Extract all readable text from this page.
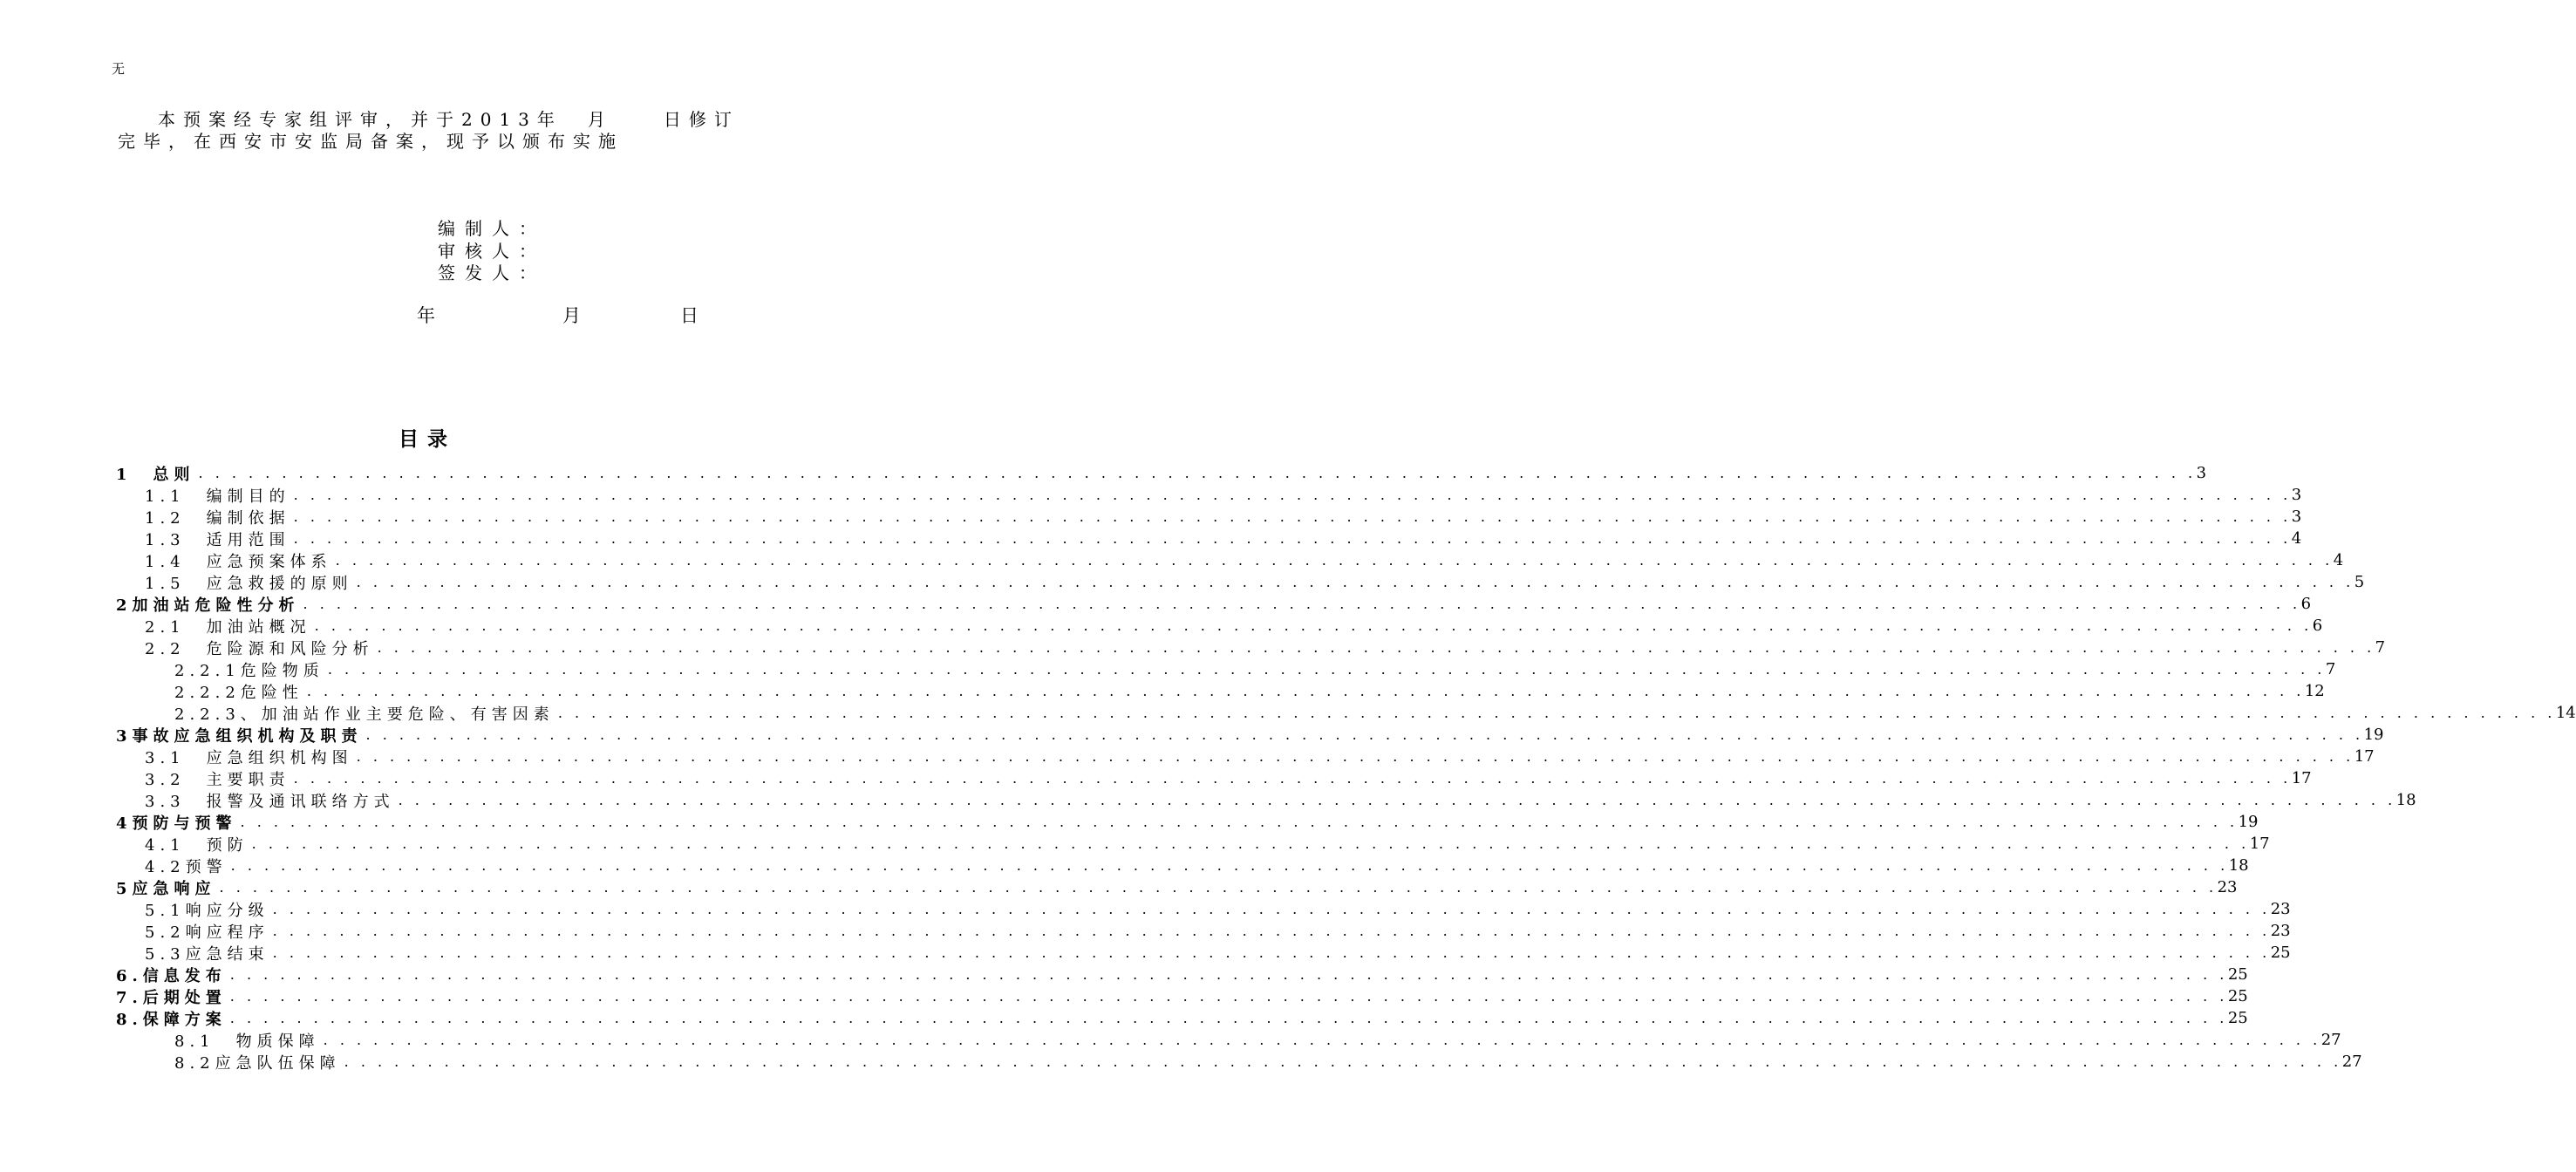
无
本预案经专家组评审，并于2013年　月　　日修订
完毕，在西安市安监局备案，现予以颁布实施
编制人：
审核人：
签发人：
年	月	日
目录
1　总则 . . . . . . . . . . . . . . . . . . . . . . . . . . . . . . . . . . . . . . . . . . . . . . . . . . . . . . . . . . . . . . . . . . . . . . . . . . . . . . . . . . . . . . . . . . . . . . . . . . . . . . . . . . . . . . . . . . . . . . . . 3
1.1　编制目的 . . . . . . . . . . . . . . . . . . . . . . . . . . . . . . . . . . . . . . . . . . . . . . . . . . . . . . . . . . . . . . . . . . . . . . . . . . . . . . . . . . . . . . . . . . . . . . . . . . . . . . . . . . . . . . . . . . . . . . . . 3
1.2　编制依据 . . . . . . . . . . . . . . . . . . . . . . . . . . . . . . . . . . . . . . . . . . . . . . . . . . . . . . . . . . . . . . . . . . . . . . . . . . . . . . . . . . . . . . . . . . . . . . . . . . . . . . . . . . . . . . . . . . . . . . . . 3
1.3　适用范围 . . . . . . . . . . . . . . . . . . . . . . . . . . . . . . . . . . . . . . . . . . . . . . . . . . . . . . . . . . . . . . . . . . . . . . . . . . . . . . . . . . . . . . . . . . . . . . . . . . . . . . . . . . . . . . . . . . . . . . . . 4
1.4　应急预案体系 . . . . . . . . . . . . . . . . . . . . . . . . . . . . . . . . . . . . . . . . . . . . . . . . . . . . . . . . . . . . . . . . . . . . . . . . . . . . . . . . . . . . . . . . . . . . . . . . . . . . . . . . . . . . . . . . . . . . . . . . 4
1.5　应急救援的原则 . . . . . . . . . . . . . . . . . . . . . . . . . . . . . . . . . . . . . . . . . . . . . . . . . . . . . . . . . . . . . . . . . . . . . . . . . . . . . . . . . . . . . . . . . . . . . . . . . . . . . . . . . . . . . . . . . . . . . . . . 5
2加油站危险性分析 . . . . . . . . . . . . . . . . . . . . . . . . . . . . . . . . . . . . . . . . . . . . . . . . . . . . . . . . . . . . . . . . . . . . . . . . . . . . . . . . . . . . . . . . . . . . . . . . . . . . . . . . . . . . . . . . . . . . . . . . 6
2.1　加油站概况 . . . . . . . . . . . . . . . . . . . . . . . . . . . . . . . . . . . . . . . . . . . . . . . . . . . . . . . . . . . . . . . . . . . . . . . . . . . . . . . . . . . . . . . . . . . . . . . . . . . . . . . . . . . . . . . . . . . . . . . . 6
2.2　危险源和风险分析 . . . . . . . . . . . . . . . . . . . . . . . . . . . . . . . . . . . . . . . . . . . . . . . . . . . . . . . . . . . . . . . . . . . . . . . . . . . . . . . . . . . . . . . . . . . . . . . . . . . . . . . . . . . . . . . . . . . . . . . . 7
2.2.1危险物质 . . . . . . . . . . . . . . . . . . . . . . . . . . . . . . . . . . . . . . . . . . . . . . . . . . . . . . . . . . . . . . . . . . . . . . . . . . . . . . . . . . . . . . . . . . . . . . . . . . . . . . . . . . . . . . . . . . . . . . . . 7
2.2.2危险性 . . . . . . . . . . . . . . . . . . . . . . . . . . . . . . . . . . . . . . . . . . . . . . . . . . . . . . . . . . . . . . . . . . . . . . . . . . . . . . . . . . . . . . . . . . . . . . . . . . . . . . . . . . . . . . . . . . . . . . . . 12
2.2.3、加油站作业主要危险、有害因素 . . . . . . . . . . . . . . . . . . . . . . . . . . . . . . . . . . . . . . . . . . . . . . . . . . . . . . . . . . . . . . . . . . . . . . . . . . . . . . . . . . . . . . . . . . . . . . . . . . . . . . . . . . . . . . . . . . . . . . . . 14
3事故应急组织机构及职责 . . . . . . . . . . . . . . . . . . . . . . . . . . . . . . . . . . . . . . . . . . . . . . . . . . . . . . . . . . . . . . . . . . . . . . . . . . . . . . . . . . . . . . . . . . . . . . . . . . . . . . . . . . . . . . . . . . . . . . . . 19
3.1　应急组织机构图 . . . . . . . . . . . . . . . . . . . . . . . . . . . . . . . . . . . . . . . . . . . . . . . . . . . . . . . . . . . . . . . . . . . . . . . . . . . . . . . . . . . . . . . . . . . . . . . . . . . . . . . . . . . . . . . . . . . . . . . . 17
3.2　主要职责 . . . . . . . . . . . . . . . . . . . . . . . . . . . . . . . . . . . . . . . . . . . . . . . . . . . . . . . . . . . . . . . . . . . . . . . . . . . . . . . . . . . . . . . . . . . . . . . . . . . . . . . . . . . . . . . . . . . . . . . . 17
3.3　报警及通讯联络方式 . . . . . . . . . . . . . . . . . . . . . . . . . . . . . . . . . . . . . . . . . . . . . . . . . . . . . . . . . . . . . . . . . . . . . . . . . . . . . . . . . . . . . . . . . . . . . . . . . . . . . . . . . . . . . . . . . . . . . . . . 18
4预防与预警 . . . . . . . . . . . . . . . . . . . . . . . . . . . . . . . . . . . . . . . . . . . . . . . . . . . . . . . . . . . . . . . . . . . . . . . . . . . . . . . . . . . . . . . . . . . . . . . . . . . . . . . . . . . . . . . . . . . . . . . . 19
4.1　预防 . . . . . . . . . . . . . . . . . . . . . . . . . . . . . . . . . . . . . . . . . . . . . . . . . . . . . . . . . . . . . . . . . . . . . . . . . . . . . . . . . . . . . . . . . . . . . . . . . . . . . . . . . . . . . . . . . . . . . . . . 17
4.2预警 . . . . . . . . . . . . . . . . . . . . . . . . . . . . . . . . . . . . . . . . . . . . . . . . . . . . . . . . . . . . . . . . . . . . . . . . . . . . . . . . . . . . . . . . . . . . . . . . . . . . . . . . . . . . . . . . . . . . . . . . 18
5应急响应 . . . . . . . . . . . . . . . . . . . . . . . . . . . . . . . . . . . . . . . . . . . . . . . . . . . . . . . . . . . . . . . . . . . . . . . . . . . . . . . . . . . . . . . . . . . . . . . . . . . . . . . . . . . . . . . . . . . . . . . . 23
5.1响应分级 . . . . . . . . . . . . . . . . . . . . . . . . . . . . . . . . . . . . . . . . . . . . . . . . . . . . . . . . . . . . . . . . . . . . . . . . . . . . . . . . . . . . . . . . . . . . . . . . . . . . . . . . . . . . . . . . . . . . . . . . 23
5.2响应程序 . . . . . . . . . . . . . . . . . . . . . . . . . . . . . . . . . . . . . . . . . . . . . . . . . . . . . . . . . . . . . . . . . . . . . . . . . . . . . . . . . . . . . . . . . . . . . . . . . . . . . . . . . . . . . . . . . . . . . . . . 23
5.3应急结束 . . . . . . . . . . . . . . . . . . . . . . . . . . . . . . . . . . . . . . . . . . . . . . . . . . . . . . . . . . . . . . . . . . . . . . . . . . . . . . . . . . . . . . . . . . . . . . . . . . . . . . . . . . . . . . . . . . . . . . . . 25
6.信息发布 . . . . . . . . . . . . . . . . . . . . . . . . . . . . . . . . . . . . . . . . . . . . . . . . . . . . . . . . . . . . . . . . . . . . . . . . . . . . . . . . . . . . . . . . . . . . . . . . . . . . . . . . . . . . . . . . . . . . . . . . 25
7.后期处置 . . . . . . . . . . . . . . . . . . . . . . . . . . . . . . . . . . . . . . . . . . . . . . . . . . . . . . . . . . . . . . . . . . . . . . . . . . . . . . . . . . . . . . . . . . . . . . . . . . . . . . . . . . . . . . . . . . . . . . . . 25
8.保障方案 . . . . . . . . . . . . . . . . . . . . . . . . . . . . . . . . . . . . . . . . . . . . . . . . . . . . . . . . . . . . . . . . . . . . . . . . . . . . . . . . . . . . . . . . . . . . . . . . . . . . . . . . . . . . . . . . . . . . . . . . 25
8.1　物质保障 . . . . . . . . . . . . . . . . . . . . . . . . . . . . . . . . . . . . . . . . . . . . . . . . . . . . . . . . . . . . . . . . . . . . . . . . . . . . . . . . . . . . . . . . . . . . . . . . . . . . . . . . . . . . . . . . . . . . . . . . 27
8.2应急队伍保障 . . . . . . . . . . . . . . . . . . . . . . . . . . . . . . . . . . . . . . . . . . . . . . . . . . . . . . . . . . . . . . . . . . . . . . . . . . . . . . . . . . . . . . . . . . . . . . . . . . . . . . . . . . . . . . . . . . . . . . . . 27
